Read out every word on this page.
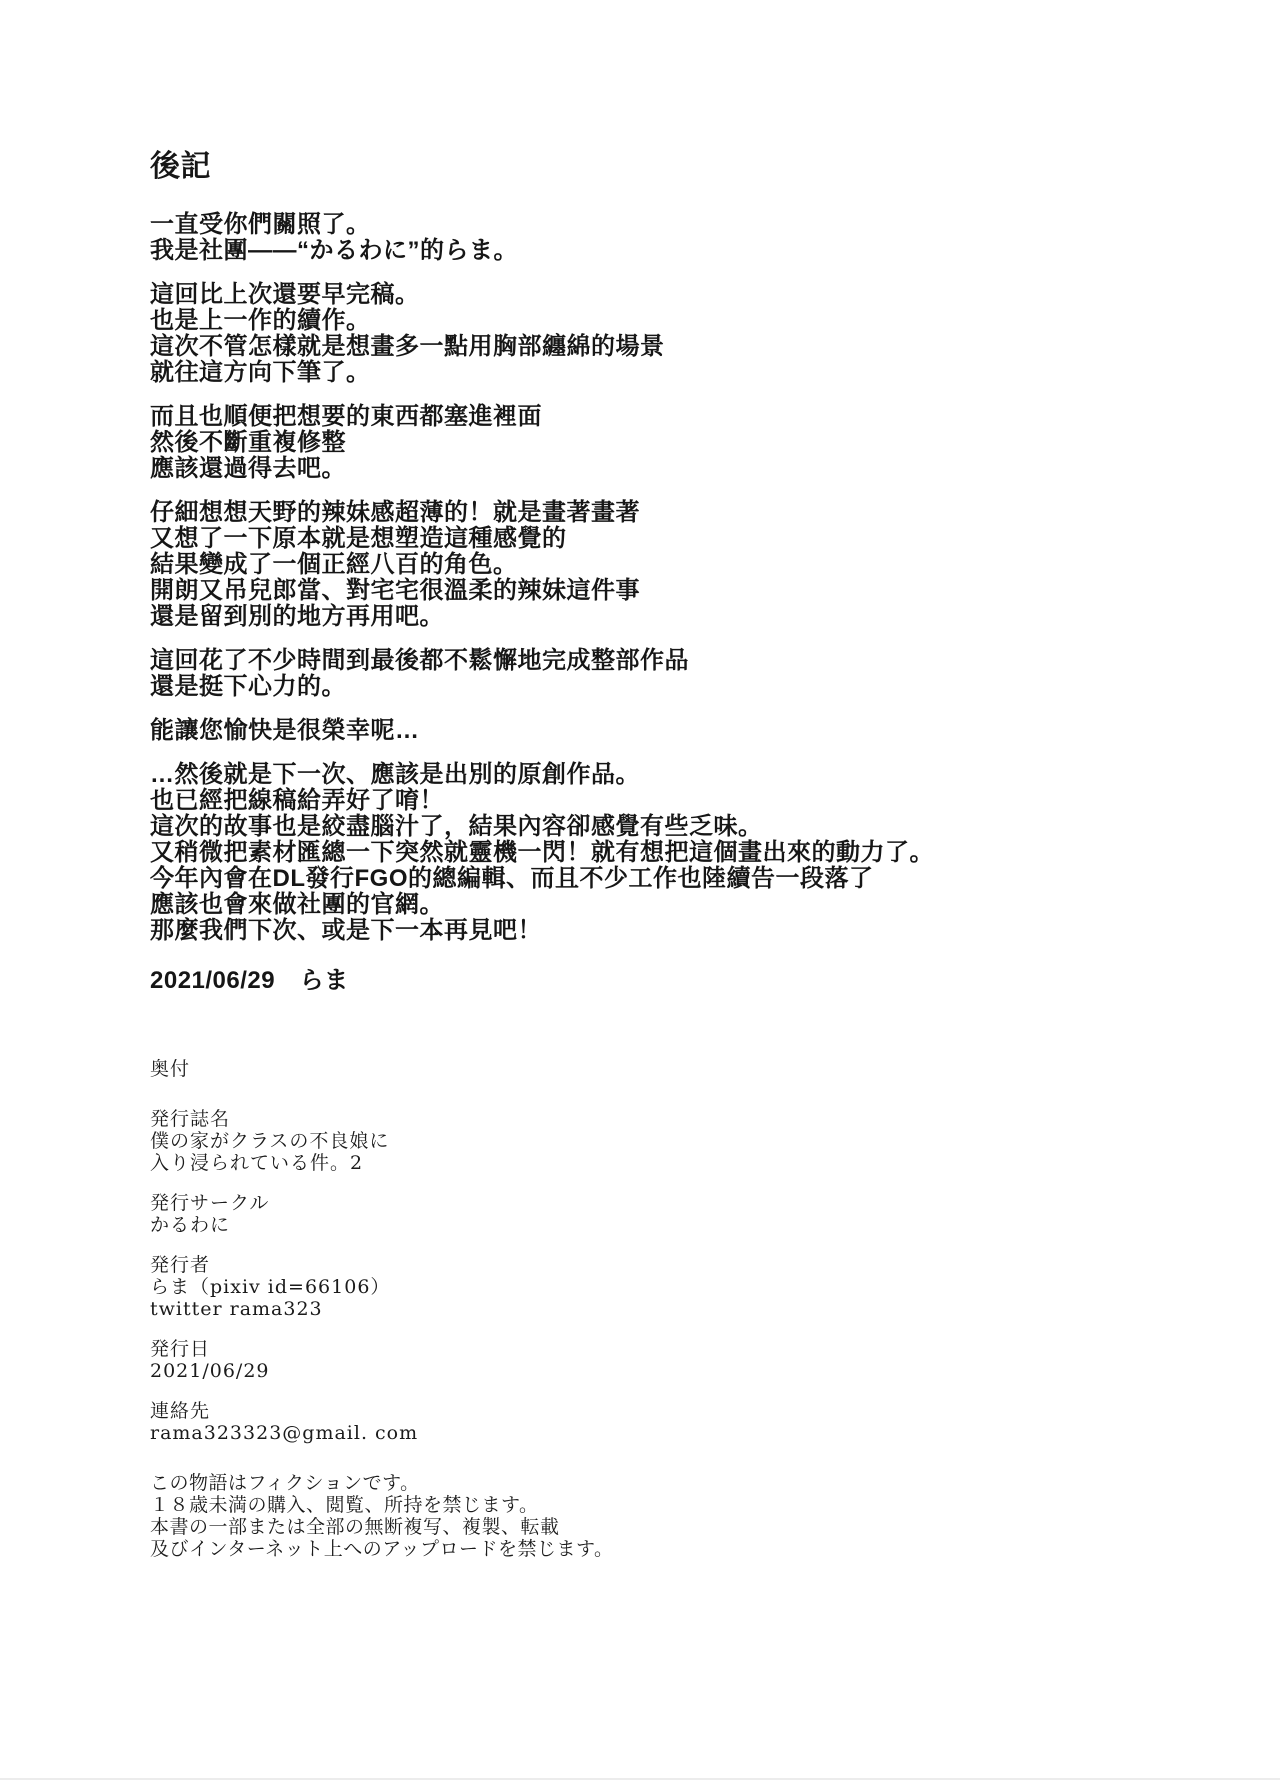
後記
一直受你們關照了。
我是社團——“かるわに”的らま。
這回比上次還要早完稿。
也是上一作的續作。
這次不管怎樣就是想畫多一點用胸部纏綿的場景
就往這方向下筆了。
而且也順便把想要的東西都塞進裡面
然後不斷重複修整
應該還過得去吧。
仔細想想天野的辣妹感超薄的！就是畫著畫著
又想了一下原本就是想塑造這種感覺的
結果變成了一個正經八百的角色。
開朗又吊兒郎當、對宅宅很溫柔的辣妹這件事
還是留到別的地方再用吧。
這回花了不少時間到最後都不鬆懈地完成整部作品
還是挺下心力的。
能讓您愉快是很榮幸呢…
…然後就是下一次、應該是出別的原創作品。
也已經把線稿給弄好了唷！
這次的故事也是絞盡腦汁了，結果內容卻感覺有些乏味。
又稍微把素材匯總一下突然就靈機一閃！就有想把這個畫出來的動力了。
今年內會在DL發行FGO的總編輯、而且不少工作也陸續告一段落了
應該也會來做社團的官網。
那麼我們下次、或是下一本再見吧！
2021/06/29　らま
奥付
発行誌名
僕の家がクラスの不良娘に
入り浸られている件。2
発行サークル
かるわに
発行者
らま（pixiv id=66106）
twitter rama323
発行日
2021/06/29
連絡先
rama323323@gmail. com
この物語はフィクションです。
１８歳未満の購入、閲覧、所持を禁じます。
本書の一部または全部の無断複写、複製、転載
及びインターネット上へのアップロードを禁じます。
